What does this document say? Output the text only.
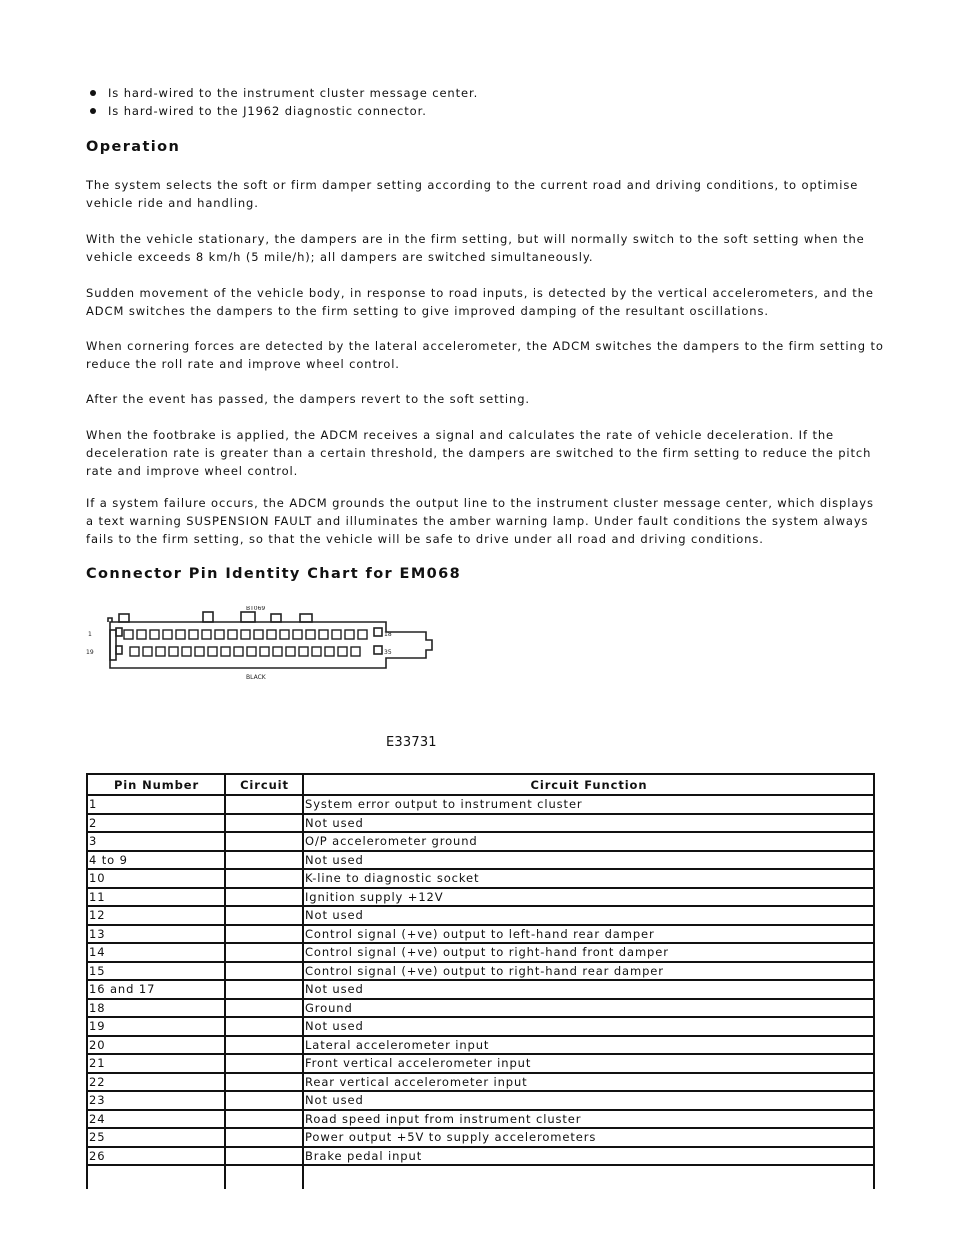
Is hard-wired to the instrument cluster message center.
Is hard-wired to the J1962 diagnostic connector.
Operation

The system selects the soft or firm damper setting according to the current road and driving conditions, to optimise vehicle ride and handling.

With the vehicle stationary, the dampers are in the firm setting, but will normally switch to the soft setting when the vehicle exceeds 8 km/h (5 mile/h); all dampers are switched simultaneously.

Sudden movement of the vehicle body, in response to road inputs, is detected by the vertical accelerometers, and the ADCM switches the dampers to the firm setting to give improved damping of the resultant oscillations.

When cornering forces are detected by the lateral accelerometer, the ADCM switches the dampers to the firm setting to reduce the roll rate and improve wheel control.

After the event has passed, the dampers revert to the soft setting.

When the footbrake is applied, the ADCM receives a signal and calculates the rate of vehicle deceleration. If the deceleration rate is greater than a certain threshold, the dampers are switched to the firm setting to reduce the pitch rate and improve wheel control.

If a system failure occurs, the ADCM grounds the output line to the instrument cluster message center, which displays a text warning SUSPENSION FAULT and illuminates the amber warning lamp. Under fault conditions the system always fails to the firm setting, so that the vehicle will be safe to drive under all road and driving conditions.

Connector Pin Identity Chart for EM068
BT069
BLACK
1
19
18
35
E33731
Pin Number	Circuit	Circuit Function
1		System error output to instrument cluster
2		Not used
3		O/P accelerometer ground
4 to 9		Not used
10		K-line to diagnostic socket
11		Ignition supply +12V
12		Not used
13		Control signal (+ve) output to left-hand rear damper
14		Control signal (+ve) output to right-hand front damper
15		Control signal (+ve) output to right-hand rear damper
16 and 17		Not used
18		Ground
19		Not used
20		Lateral accelerometer input
21		Front vertical accelerometer input
22		Rear vertical accelerometer input
23		Not used
24		Road speed input from instrument cluster
25		Power output +5V to supply accelerometers
26		Brake pedal input
